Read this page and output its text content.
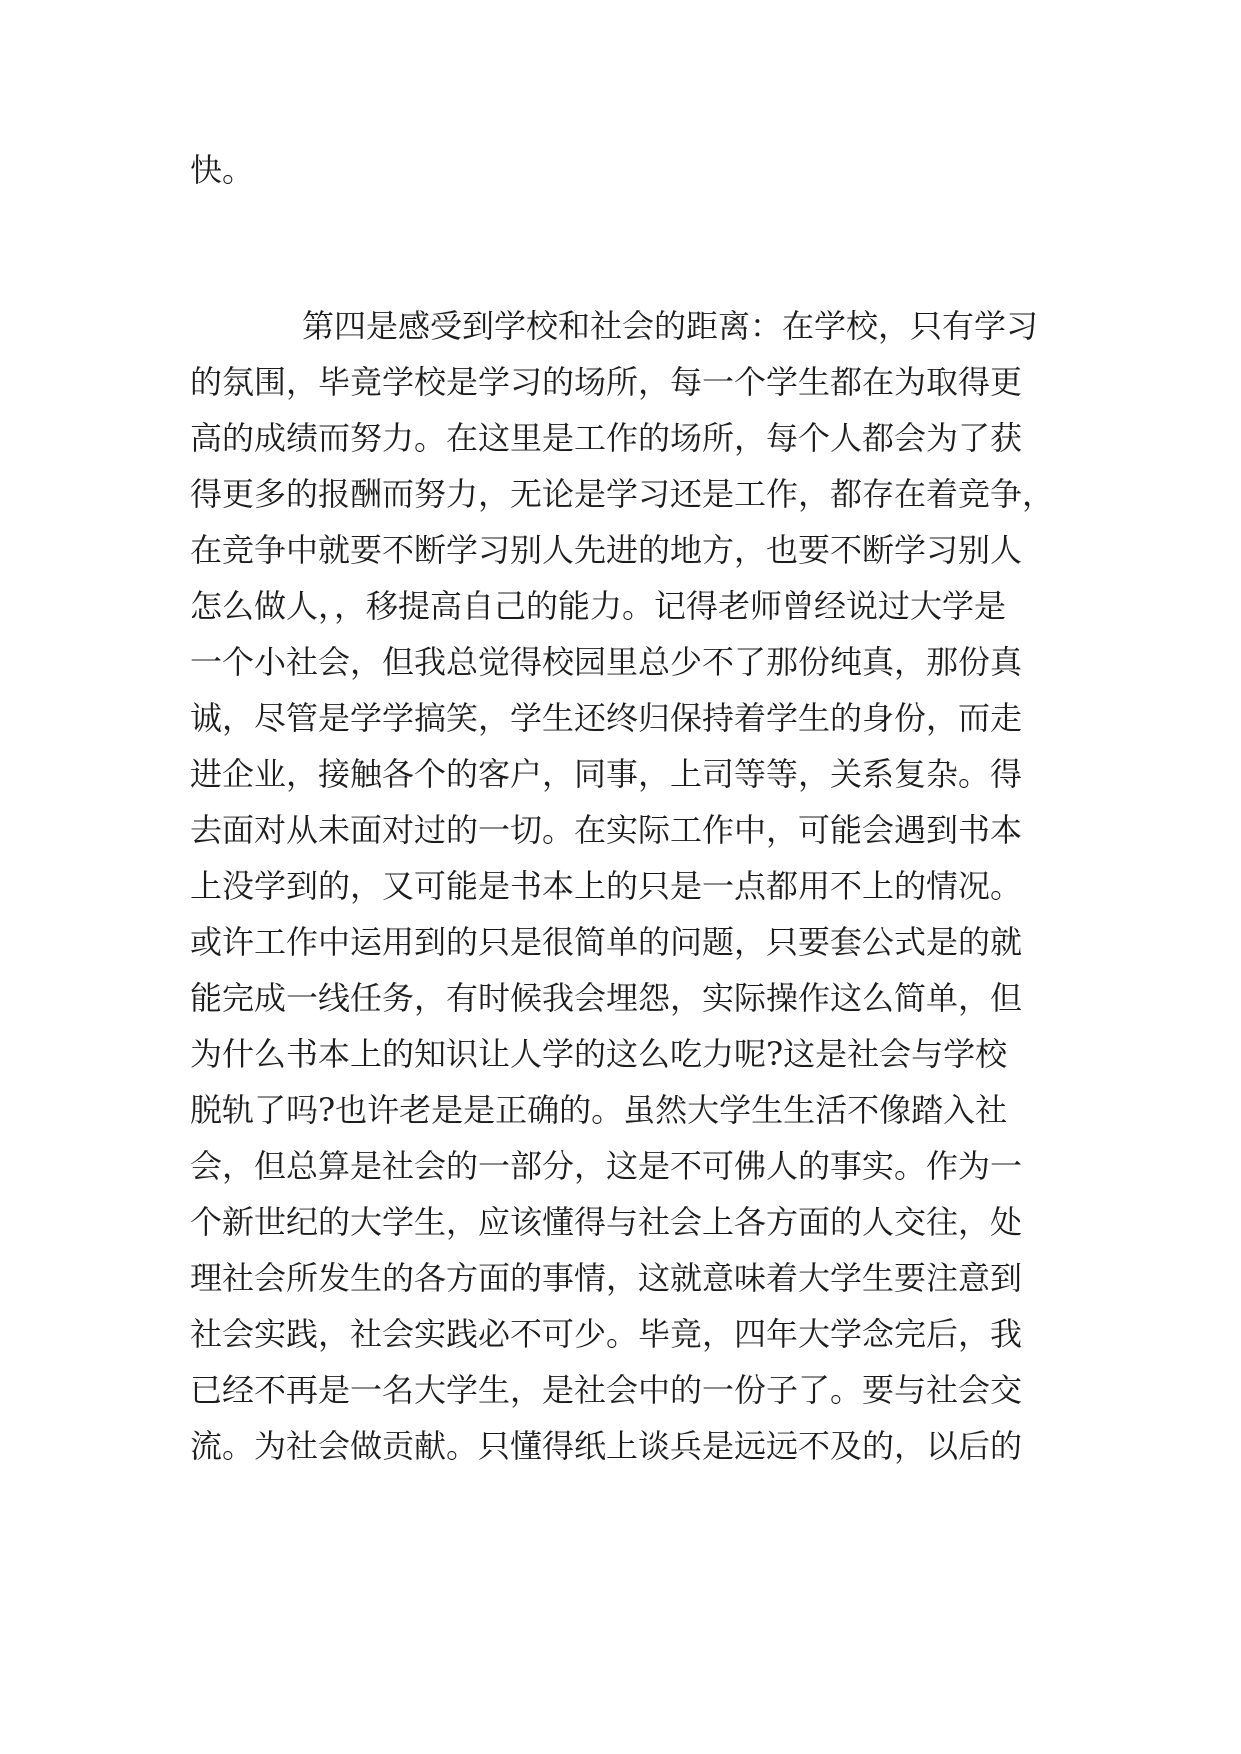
快。

第四是感受到学校和社会的距离：在学校，只有学习

的氛围，毕竟学校是学习的场所，每一个学生都在为取得更

高的成绩而努力。在这里是工作的场所，每个人都会为了获

得更多的报酬而努力，无论是学习还是工作，都存在着竞争，

在竞争中就要不断学习别人先进的地方，也要不断学习别人

怎么做人，，移提高自己的能力。记得老师曾经说过大学是

一个小社会，但我总觉得校园里总少不了那份纯真，那份真

诚，尽管是学学搞笑，学生还终归保持着学生的身份，而走

进企业，接触各个的客户，同事，上司等等，关系复杂。得

去面对从未面对过的一切。在实际工作中，可能会遇到书本

上没学到的，又可能是书本上的只是一点都用不上的情况。

或许工作中运用到的只是很简单的问题，只要套公式是的就

能完成一线任务，有时候我会埋怨，实际操作这么简单，但

为什么书本上的知识让人学的这么吃力呢?这是社会与学校

脱轨了吗?也许老是是正确的。虽然大学生生活不像踏入社

会，但总算是社会的一部分，这是不可佛人的事实。作为一

个新世纪的大学生，应该懂得与社会上各方面的人交往，处

理社会所发生的各方面的事情，这就意味着大学生要注意到

社会实践，社会实践必不可少。毕竟，四年大学念完后，我

已经不再是一名大学生，是社会中的一份子了。要与社会交

流。为社会做贡献。只懂得纸上谈兵是远远不及的，以后的
